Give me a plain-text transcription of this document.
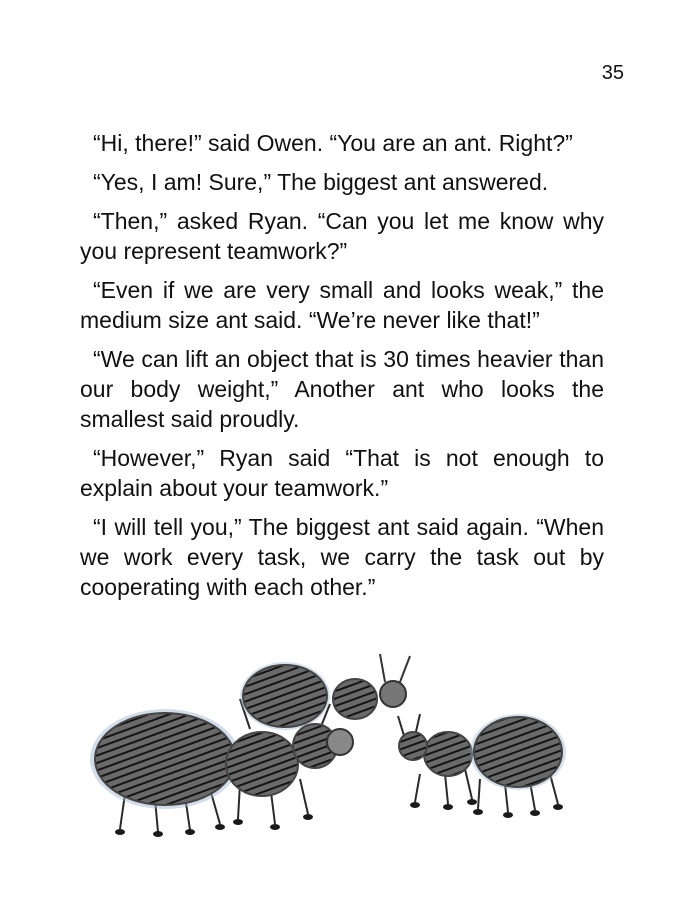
35

“Hi, there!” said Owen. “You are an ant. Right?”

“Yes, I am! Sure,” The biggest ant answered.

“Then,” asked Ryan. “Can you let me know why you represent teamwork?”

“Even if we are very small and looks weak,” the medium size ant said. “We’re never like that!”

“We can lift an object that is 30 times heavier than our body weight,” Another ant who looks the smallest said proudly.

“However,” Ryan said “That is not enough to explain about your teamwork.”

“I will tell you,” The biggest ant said again. “When we work every task, we carry the task out by cooperating with each other.”
